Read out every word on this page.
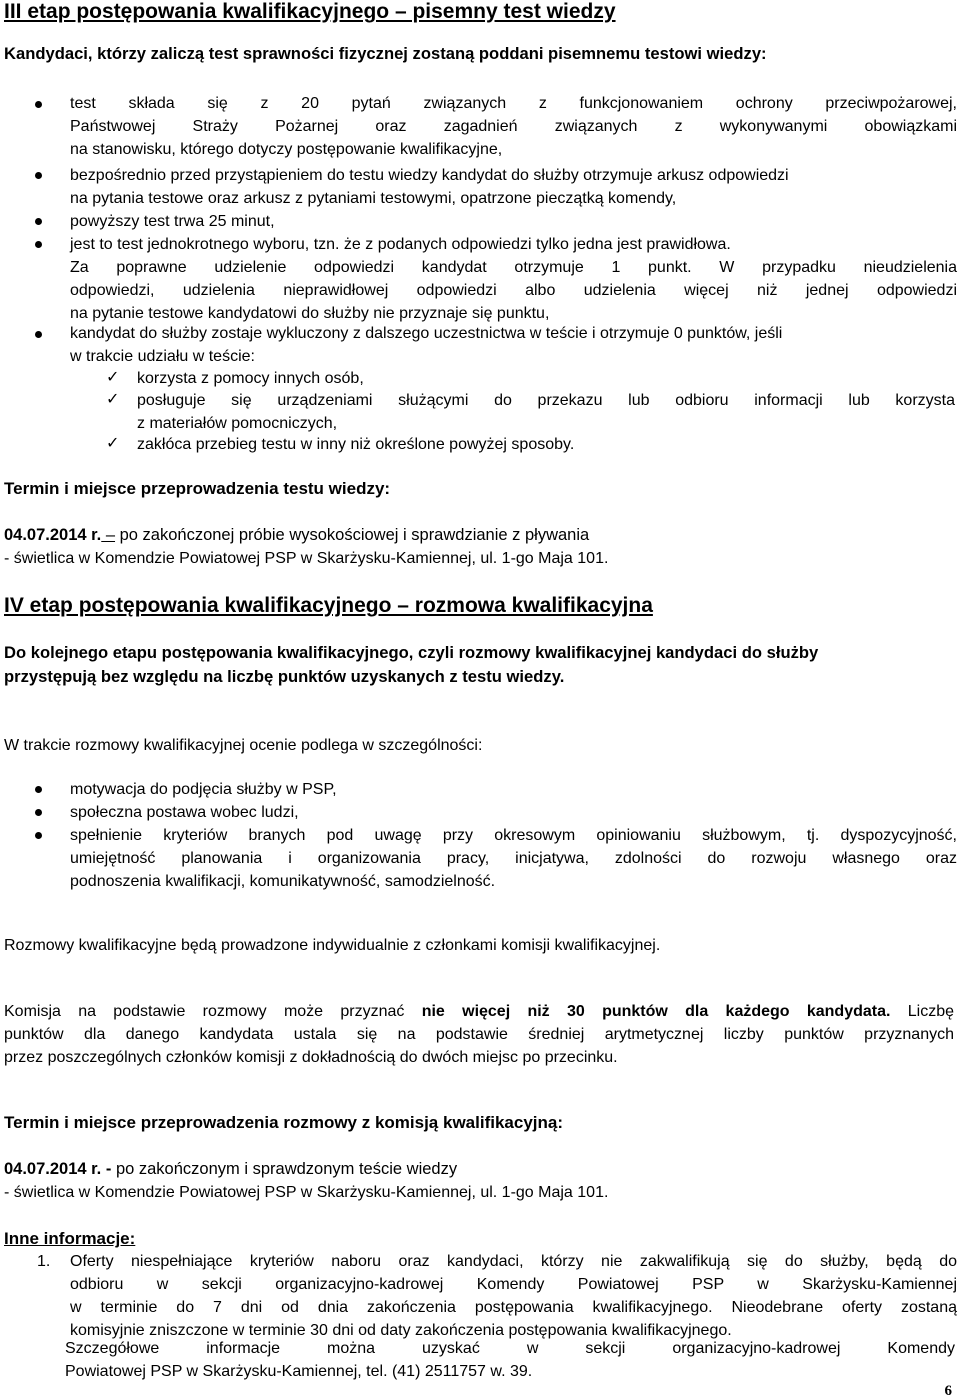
III etap postępowania kwalifikacyjnego – pisemny test wiedzy
Kandydaci, którzy zaliczą test sprawności fizycznej zostaną poddani pisemnemu testowi wiedzy:
test składa się z 20 pytań związanych z funkcjonowaniem ochrony przeciwpożarowej,
Państwowej Straży Pożarnej oraz zagadnień związanych z wykonywanymi obowiązkami
na stanowisku, którego dotyczy postępowanie kwalifikacyjne,
bezpośrednio przed przystąpieniem do testu wiedzy kandydat do służby otrzymuje arkusz odpowiedzi
na pytania testowe oraz arkusz z pytaniami testowymi, opatrzone pieczątką komendy,
powyższy test trwa 25 minut,
jest to test jednokrotnego wyboru, tzn. że z podanych odpowiedzi tylko jedna jest prawidłowa.
Za poprawne udzielenie odpowiedzi kandydat otrzymuje 1 punkt. W przypadku nieudzielenia
odpowiedzi, udzielenia nieprawidłowej odpowiedzi albo udzielenia więcej niż jednej odpowiedzi
na pytanie testowe kandydatowi do służby nie przyznaje się punktu,
kandydat do służby zostaje wykluczony z dalszego uczestnictwa w teście i otrzymuje 0 punktów, jeśli
w trakcie udziału w teście:
✓ korzysta z pomocy innych osób,
✓ posługuje się urządzeniami służącymi do przekazu lub odbioru informacji lub korzysta
z materiałów pomocniczych,
✓ zakłóca przebieg testu w inny niż określone powyżej sposoby.
Termin i miejsce przeprowadzenia testu wiedzy:
04.07.2014 r. – po zakończonej próbie wysokościowej i sprawdzianie z pływania
- świetlica w Komendzie Powiatowej PSP w Skarżysku-Kamiennej, ul. 1-go Maja 101.
IV etap postępowania kwalifikacyjnego – rozmowa kwalifikacyjna
Do kolejnego etapu postępowania kwalifikacyjnego, czyli rozmowy kwalifikacyjnej kandydaci do służby
przystępują bez względu na liczbę punktów uzyskanych z testu wiedzy.
W trakcie rozmowy kwalifikacyjnej ocenie podlega w szczególności:
motywacja do podjęcia służby w PSP,
społeczna postawa wobec ludzi,
spełnienie kryteriów branych pod uwagę przy okresowym opiniowaniu służbowym, tj. dyspozycyjność,
umiejętność planowania i organizowania pracy, inicjatywa, zdolności do rozwoju własnego oraz
podnoszenia kwalifikacji, komunikatywność, samodzielność.
Rozmowy kwalifikacyjne będą prowadzone indywidualnie z członkami komisji kwalifikacyjnej.
Komisja na podstawie rozmowy może przyznać nie więcej niż 30 punktów dla każdego kandydata. Liczbę
punktów dla danego kandydata ustala się na podstawie średniej arytmetycznej liczby punktów przyznanych
przez poszczególnych członków komisji z dokładnością do dwóch miejsc po przecinku.
Termin i miejsce przeprowadzenia rozmowy z komisją kwalifikacyjną:
04.07.2014 r. - po zakończonym i sprawdzonym teście wiedzy
- świetlica w Komendzie Powiatowej PSP w Skarżysku-Kamiennej, ul. 1-go Maja 101.
Inne informacje:
1. Oferty niespełniające kryteriów naboru oraz kandydaci, którzy nie zakwalifikują się do służby, będą do
odbioru w sekcji organizacyjno-kadrowej Komendy Powiatowej PSP w Skarżysku-Kamiennej
w terminie do 7 dni od dnia zakończenia postępowania kwalifikacyjnego. Nieodebrane oferty zostaną
komisyjnie zniszczone w terminie 30 dni od daty zakończenia postępowania kwalifikacyjnego.
Szczegółowe informacje można uzyskać w sekcji organizacyjno-kadrowej Komendy
Powiatowej PSP w Skarżysku-Kamiennej, tel. (41) 2511757 w. 39.
6
